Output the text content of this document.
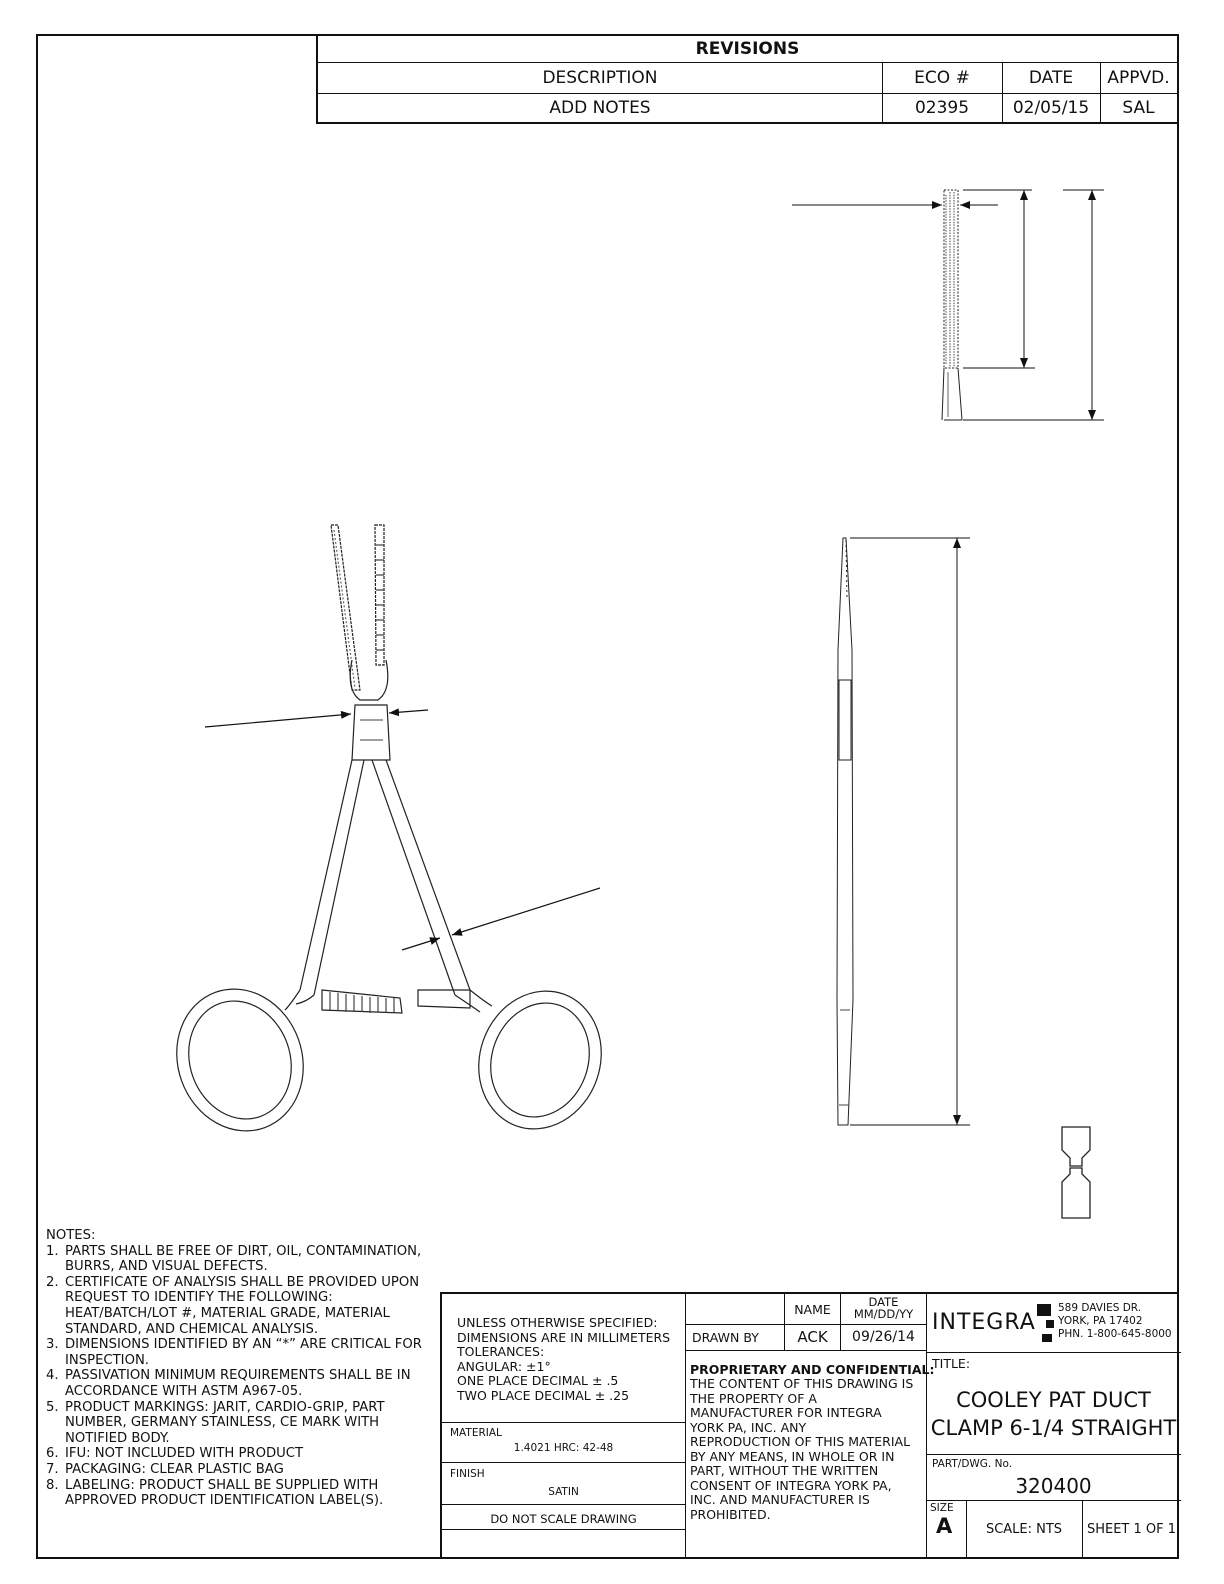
REVISIONS
DESCRIPTION	ECO #	DATE	APPVD.
ADD NOTES	02395	02/05/15	SAL
NOTES:
1. PARTS SHALL BE FREE OF DIRT, OIL, CONTAMINATION, BURRS, AND VISUAL DEFECTS.
2. CERTIFICATE OF ANALYSIS SHALL BE PROVIDED UPON REQUEST TO IDENTIFY THE FOLLOWING: HEAT/BATCH/LOT #, MATERIAL GRADE, MATERIAL STANDARD, AND CHEMICAL ANALYSIS.
3. DIMENSIONS IDENTIFIED BY AN “*” ARE CRITICAL FOR INSPECTION.
4. PASSIVATION MINIMUM REQUIREMENTS SHALL BE IN ACCORDANCE WITH ASTM A967-05.
5. PRODUCT MARKINGS: JARIT, CARDIO-GRIP, PART NUMBER, GERMANY STAINLESS, CE MARK WITH NOTIFIED BODY.
6. IFU: NOT INCLUDED WITH PRODUCT
7. PACKAGING: CLEAR PLASTIC BAG
8. LABELING: PRODUCT SHALL BE SUPPLIED WITH APPROVED PRODUCT IDENTIFICATION LABEL(S).
UNLESS OTHERWISE SPECIFIED:
DIMENSIONS ARE IN MILLIMETERS
TOLERANCES:
ANGULAR: ±1°
ONE PLACE DECIMAL ± .5
TWO PLACE DECIMAL ± .25
MATERIAL
1.4021 HRC: 42-48
FINISH
SATIN
DO NOT SCALE DRAWING
NAME	DATE
MM/DD/YY
DRAWN BY	ACK	09/26/14
PROPRIETARY AND CONFIDENTIAL:
THE CONTENT OF THIS DRAWING IS
THE PROPERTY OF A
MANUFACTURER FOR INTEGRA
YORK PA, INC. ANY
REPRODUCTION OF THIS MATERIAL
BY ANY MEANS, IN WHOLE OR IN
PART, WITHOUT THE WRITTEN
CONSENT OF INTEGRA YORK PA,
INC. AND MANUFACTURER IS
PROHIBITED.
INTEGRA
589 DAVIES DR.
YORK, PA 17402
PHN. 1-800-645-8000
TITLE:
COOLEY PAT DUCT
CLAMP 6-1/4 STRAIGHT
PART/DWG. No.
320400
SIZE
A	SCALE: NTS	SHEET 1 OF 1
